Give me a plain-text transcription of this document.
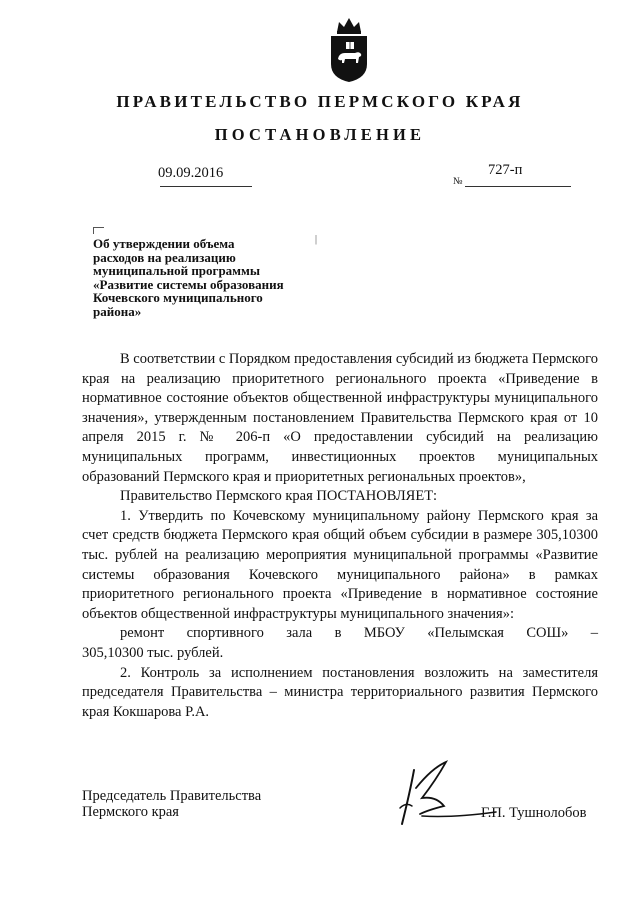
ПРАВИТЕЛЬСТВО ПЕРМСКОГО КРАЯ
ПОСТАНОВЛЕНИЕ
09.09.2016
№
727-п
|
Об утверждении объема
расходов на реализацию
муниципальной программы
«Развитие системы образования
Кочевского муниципального
района»

В соответствии с Порядком предоставления субсидий из бюджета Пермского края на реализацию приоритетного регионального проекта «Приведение в нормативное состояние объектов общественной инфраструктуры муниципального значения», утвержденным постановлением Правительства Пермского края от 10 апреля 2015 г. № 206-п «О предоставлении субсидий на реализацию муниципальных программ, инвестиционных проектов муниципальных образований Пермского края и приоритетных региональных проектов»,

Правительство Пермского края ПОСТАНОВЛЯЕТ:

1. Утвердить по Кочевскому муниципальному району Пермского края за счет средств бюджета Пермского края общий объем субсидии в размере 305,10300 тыс. рублей на реализацию мероприятия муниципальной программы «Развитие системы образования Кочевского муниципального района» в рамках приоритетного регионального проекта «Приведение в нормативное состояние объектов общественной инфраструктуры муниципального значения»:

ремонт спортивного зала в МБОУ «Пелымская СОШ» –

305,10300 тыс. рублей.

2. Контроль за исполнением постановления возложить на заместителя председателя Правительства – министра территориального развития Пермского края Кокшарова Р.А.

Председатель Правительства
Пермского края	Г.П. Тушнолобов
